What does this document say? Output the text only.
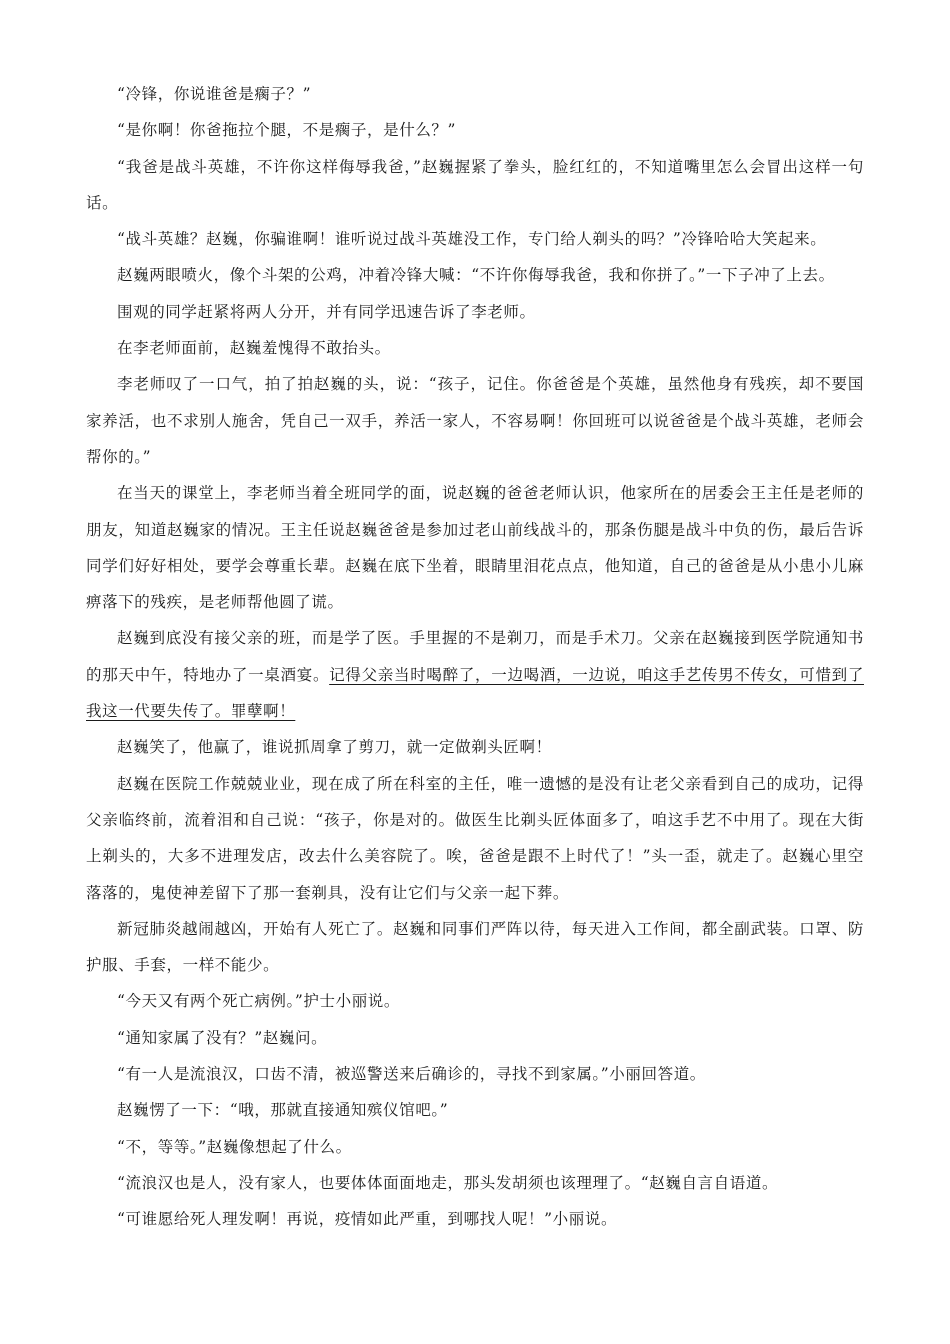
“冷锋，你说谁爸是瘸子？”

“是你啊！你爸拖拉个腿，不是瘸子，是什么？”

“我爸是战斗英雄，不许你这样侮辱我爸，”赵巍握紧了拳头，脸红红的，不知道嘴里怎么会冒出这样一句话。

“战斗英雄？赵巍，你骗谁啊！谁听说过战斗英雄没工作，专门给人剃头的吗？”冷锋哈哈大笑起来。

赵巍两眼喷火，像个斗架的公鸡，冲着冷锋大喊：“不许你侮辱我爸，我和你拼了。”一下子冲了上去。

围观的同学赶紧将两人分开，并有同学迅速告诉了李老师。

在李老师面前，赵巍羞愧得不敢抬头。

李老师叹了一口气，拍了拍赵巍的头，说：“孩子，记住。你爸爸是个英雄，虽然他身有残疾，却不要国家养活，也不求别人施舍，凭自己一双手，养活一家人，不容易啊！你回班可以说爸爸是个战斗英雄，老师会帮你的。”

在当天的课堂上，李老师当着全班同学的面，说赵巍的爸爸老师认识，他家所在的居委会王主任是老师的朋友，知道赵巍家的情况。王主任说赵巍爸爸是参加过老山前线战斗的，那条伤腿是战斗中负的伤，最后告诉同学们好好相处，要学会尊重长辈。赵巍在底下坐着，眼睛里泪花点点，他知道，自己的爸爸是从小患小儿麻痹落下的残疾，是老师帮他圆了谎。

赵巍到底没有接父亲的班，而是学了医。手里握的不是剃刀，而是手术刀。父亲在赵巍接到医学院通知书的那天中午，特地办了一桌酒宴。记得父亲当时喝醉了，一边喝酒，一边说，咱这手艺传男不传女，可惜到了我这一代要失传了。罪孽啊！

赵巍笑了，他赢了，谁说抓周拿了剪刀，就一定做剃头匠啊！

赵巍在医院工作兢兢业业，现在成了所在科室的主任，唯一遗憾的是没有让老父亲看到自己的成功，记得父亲临终前，流着泪和自己说：“孩子，你是对的。做医生比剃头匠体面多了，咱这手艺不中用了。现在大街上剃头的，大多不进理发店，改去什么美容院了。唉，爸爸是跟不上时代了！”头一歪，就走了。赵巍心里空落落的，鬼使神差留下了那一套剃具，没有让它们与父亲一起下葬。

新冠肺炎越闹越凶，开始有人死亡了。赵巍和同事们严阵以待，每天进入工作间，都全副武装。口罩、防护服、手套，一样不能少。

“今天又有两个死亡病例。”护士小丽说。

“通知家属了没有？”赵巍问。

“有一人是流浪汉，口齿不清，被巡警送来后确诊的，寻找不到家属。”小丽回答道。

赵巍愣了一下：“哦，那就直接通知殡仪馆吧。”

“不，等等。”赵巍像想起了什么。

“流浪汉也是人，没有家人，也要体体面面地走，那头发胡须也该理理了。“赵巍自言自语道。

“可谁愿给死人理发啊！再说，疫情如此严重，到哪找人呢！”小丽说。
